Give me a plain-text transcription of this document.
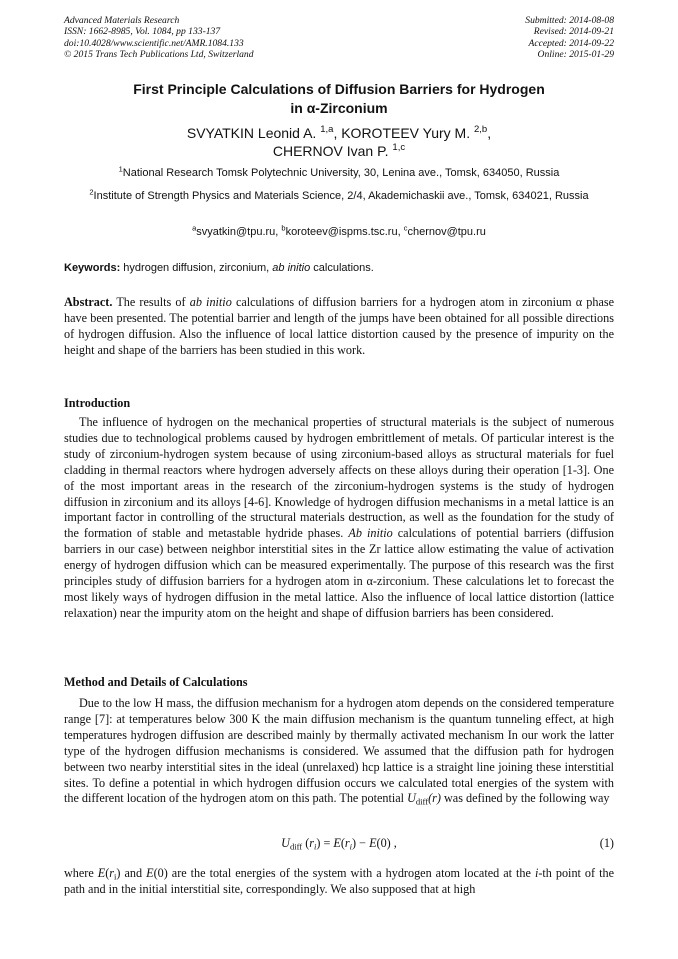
Advanced Materials Research
ISSN: 1662-8985, Vol. 1084, pp 133-137
doi:10.4028/www.scientific.net/AMR.1084.133
© 2015 Trans Tech Publications Ltd, Switzerland
Submitted: 2014-08-08
Revised: 2014-09-21
Accepted: 2014-09-22
Online: 2015-01-29
First Principle Calculations of Diffusion Barriers for Hydrogen
in α-Zirconium
SVYATKIN Leonid A. $^{1,a}$, KOROTEEV Yury M. $^{2,b}$,
CHERNOV Ivan P. $^{1,c}$
$^1$National Research Tomsk Polytechnic University, 30, Lenina ave., Tomsk, 634050, Russia
$^2$Institute of Strength Physics and Materials Science, 2/4, Akademichaskii ave., Tomsk, 634021, Russia
$^a$svyatkin@tpu.ru, $^b$koroteev@ispms.tsc.ru, $^c$chernov@tpu.ru
Keywords: hydrogen diffusion, zirconium, ab initio calculations.
Abstract. The results of ab initio calculations of diffusion barriers for a hydrogen atom in zirconium α phase have been presented. The potential barrier and length of the jumps have been obtained for all possible directions of hydrogen diffusion. Also the influence of local lattice distortion caused by the presence of impurity on the height and shape of the barriers has been studied in this work.
Introduction
The influence of hydrogen on the mechanical properties of structural materials is the subject of numerous studies due to technological problems caused by hydrogen embrittlement of metals. Of particular interest is the study of zirconium-hydrogen system because of using zirconium-based alloys as structural materials for fuel cladding in thermal reactors where hydrogen adversely affects on these alloys during their operation [1-3]. One of the most important areas in the research of the zirconium-hydrogen systems is the study of hydrogen diffusion in zirconium and its alloys [4-6]. Knowledge of hydrogen diffusion mechanisms in a metal lattice is an important factor in controlling of the structural materials destruction, as well as the foundation for the study of the formation of stable and metastable hydride phases. Ab initio calculations of potential barriers (diffusion barriers in our case) between neighbor interstitial sites in the Zr lattice allow estimating the value of activation energy of hydrogen diffusion which can be measured experimentally. The purpose of this research was the first principles study of diffusion barriers for a hydrogen atom in α-zirconium. These calculations let to forecast the most likely ways of hydrogen diffusion in the metal lattice. Also the influence of local lattice distortion (lattice relaxation) near the impurity atom on the height and shape of diffusion barriers has been considered.
Method and Details of Calculations
Due to the low H mass, the diffusion mechanism for a hydrogen atom depends on the considered temperature range [7]: at temperatures below 300 K the main diffusion mechanism is the quantum tunneling effect, at high temperatures hydrogen diffusion are described mainly by thermally activated mechanism In our work the latter type of the hydrogen diffusion mechanisms is considered. We assumed that the diffusion path for hydrogen between two nearby interstitial sites in the ideal (unrelaxed) hcp lattice is a straight line joining these interstitial sites. To define a potential in which hydrogen diffusion occurs we calculated total energies of the system with the different location of the hydrogen atom on this path. The potential $U_{diff}(r)$ was defined by the following way
$U_{diff}$ $(r_i) = E(r_i) - E(0)$ ,	(1)
where $E(r_i)$ and E(0) are the total energies of the system with a hydrogen atom located at the i-th point of the path and in the initial interstitial site, correspondingly. We also supposed that at high
